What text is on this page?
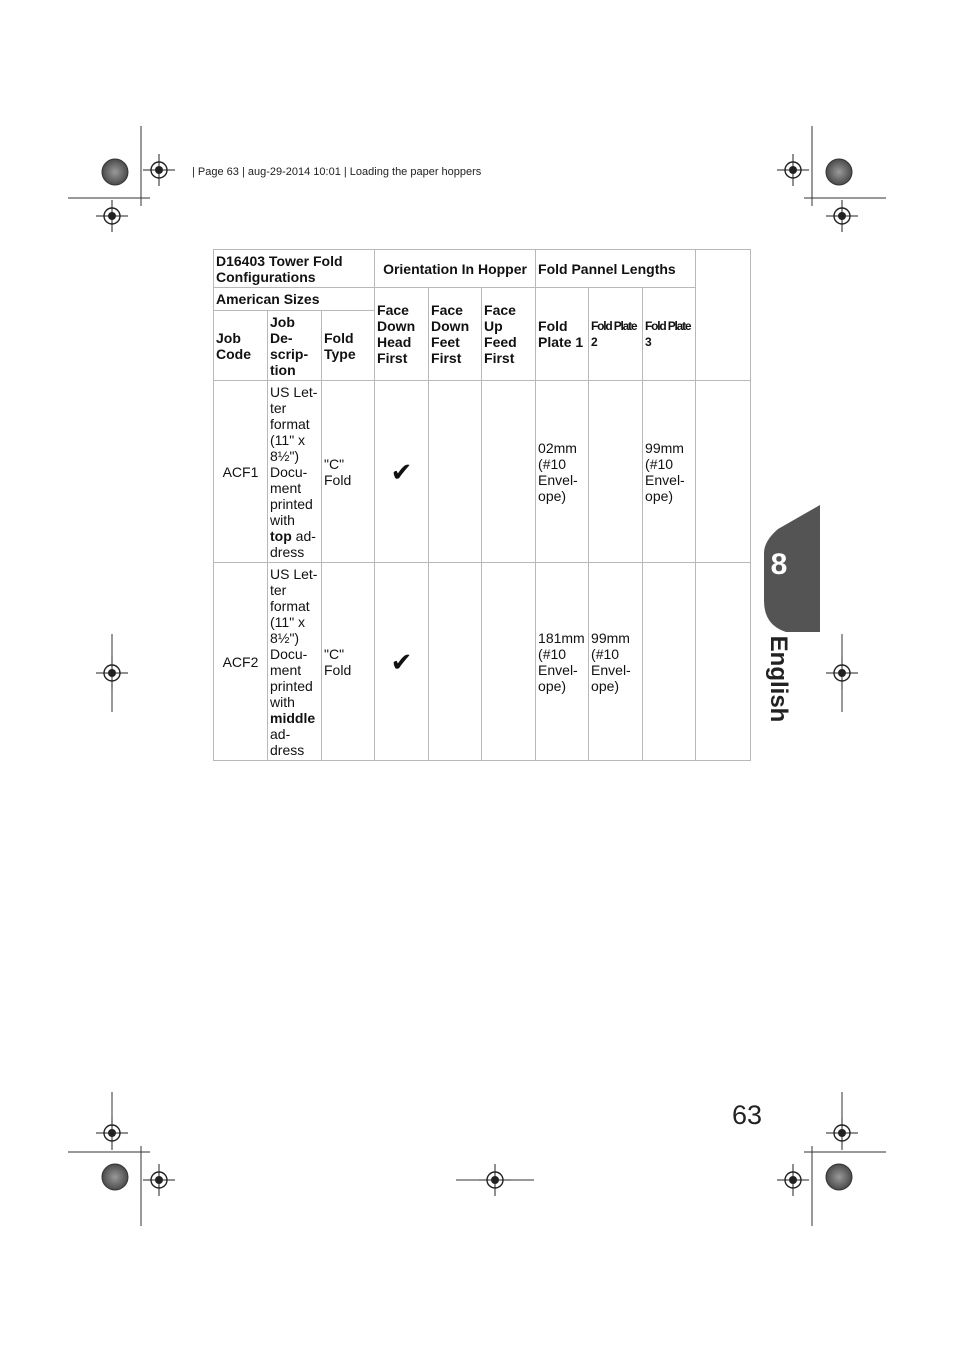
| Page 63 | aug-29-2014 10:01 | Loading the paper hoppers
D16403 Tower Fold Configurations			Orientation In Hopper			Fold Pannel Lengths			
American Sizes			Face Down Head First	Face Down Feet First	Face Up Feed First	Fold Plate 1	Fold Plate 2	Fold Plate 3	
Job Code	Job De-scrip-tion	Fold Type							
ACF1	US Let-ter format (11" x 8½") Docu-ment printed with top ad-dress	"C" Fold	✔			02mm (#10 Envel-ope)		99mm (#10 Envel-ope)	
ACF2	US Let-ter format (11" x 8½") Docu-ment printed with middle ad-dress	"C" Fold	✔			181mm (#10 Envel-ope)	99mm (#10 Envel-ope)		
8
English
63
